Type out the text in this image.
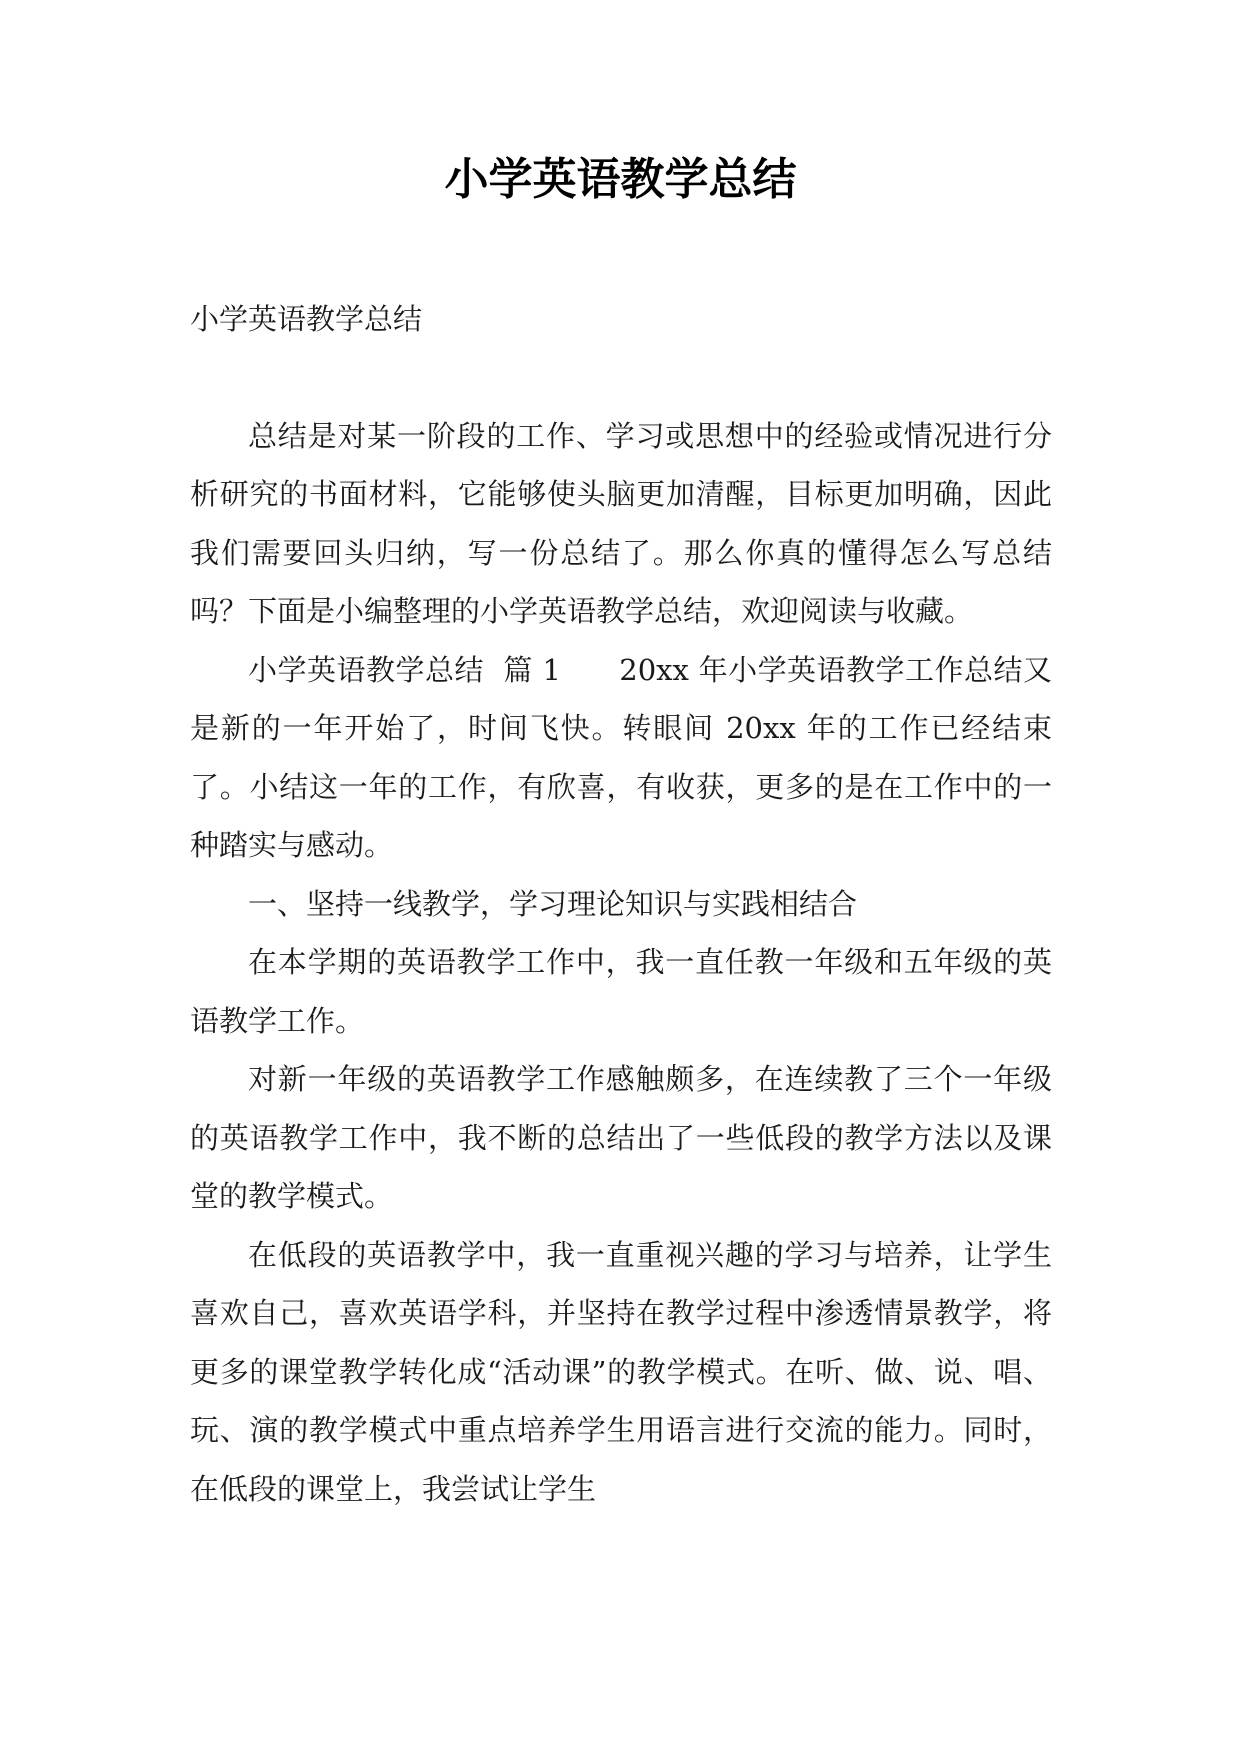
小学英语教学总结

小学英语教学总结

总结是对某一阶段的工作、学习或思想中的经验或情况进行分析研究的书面材料，它能够使头脑更加清醒，目标更加明确，因此我们需要回头归纳，写一份总结了。那么你真的懂得怎么写总结吗？下面是小编整理的小学英语教学总结，欢迎阅读与收藏。

小学英语教学总结  篇 1      20xx 年小学英语教学工作总结又是新的一年开始了，时间飞快。转眼间 20xx 年的工作已经结束了。小结这一年的工作，有欣喜，有收获，更多的是在工作中的一种踏实与感动。

一、坚持一线教学，学习理论知识与实践相结合

在本学期的英语教学工作中，我一直任教一年级和五年级的英语教学工作。

对新一年级的英语教学工作感触颇多，在连续教了三个一年级的英语教学工作中，我不断的总结出了一些低段的教学方法以及课堂的教学模式。

在低段的英语教学中，我一直重视兴趣的学习与培养，让学生喜欢自己，喜欢英语学科，并坚持在教学过程中渗透情景教学，将更多的课堂教学转化成“活动课”的教学模式。在听、做、说、唱、玩、演的教学模式中重点培养学生用语言进行交流的能力。同时，在低段的课堂上，我尝试让学生
